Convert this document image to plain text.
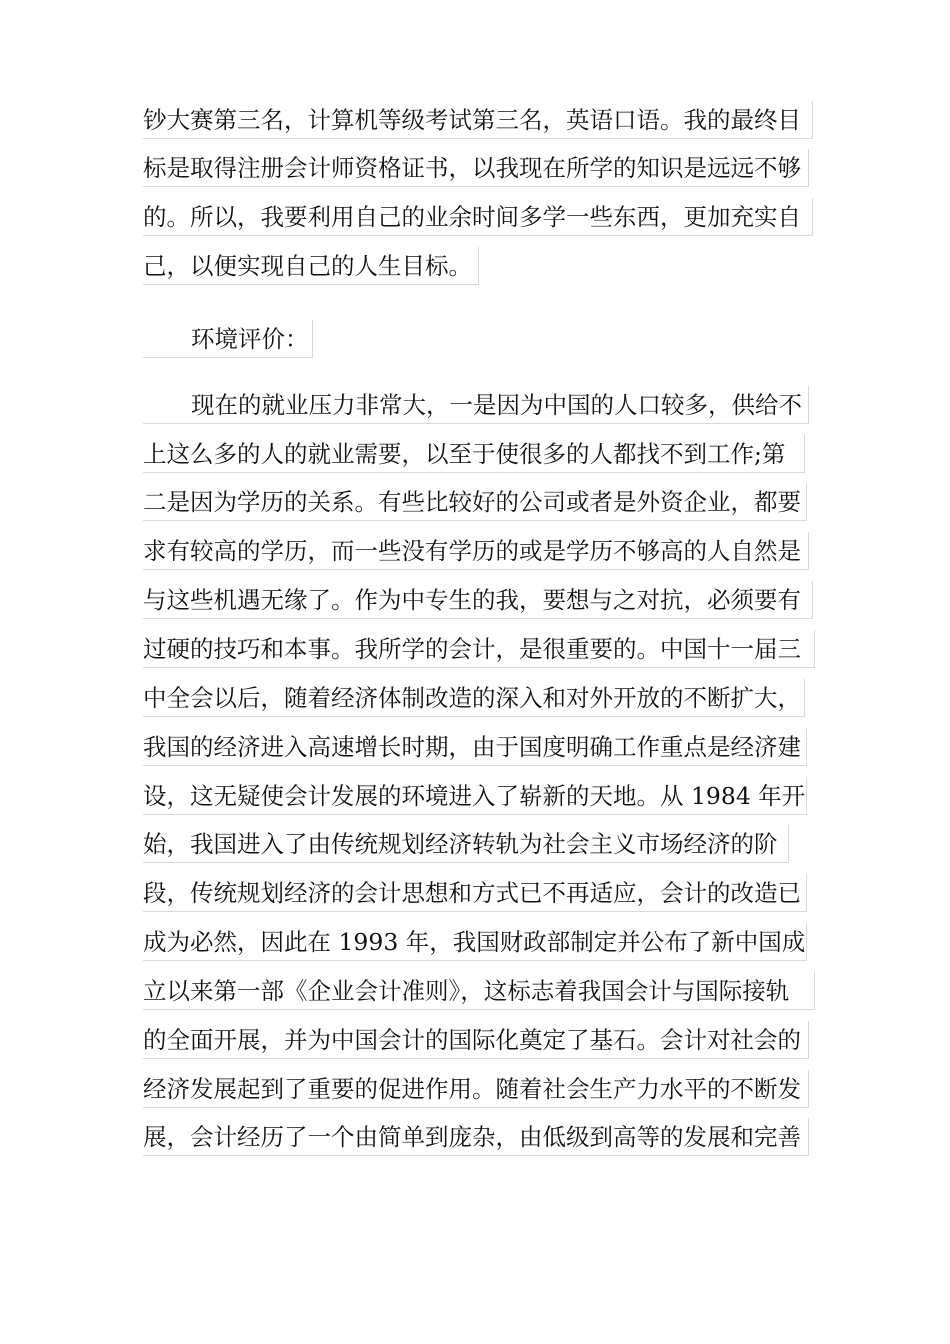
钞大赛第三名，计算机等级考试第三名，英语口语。我的最终目
标是取得注册会计师资格证书，以我现在所学的知识是远远不够
的。所以，我要利用自己的业余时间多学一些东西，更加充实自
己，以便实现自己的人生目标。
环境评价：
现在的就业压力非常大，一是因为中国的人口较多，供给不
上这么多的人的就业需要，以至于使很多的人都找不到工作;第
二是因为学历的关系。有些比较好的公司或者是外资企业，都要
求有较高的学历，而一些没有学历的或是学历不够高的人自然是
与这些机遇无缘了。作为中专生的我，要想与之对抗，必须要有
过硬的技巧和本事。我所学的会计，是很重要的。中国十一届三
中全会以后，随着经济体制改造的深入和对外开放的不断扩大，
我国的经济进入高速增长时期，由于国度明确工作重点是经济建
设，这无疑使会计发展的环境进入了崭新的天地。从 1984 年开
始，我国进入了由传统规划经济转轨为社会主义市场经济的阶
段，传统规划经济的会计思想和方式已不再适应，会计的改造已
成为必然，因此在 1993 年，我国财政部制定并公布了新中国成
立以来第一部《企业会计准则》，这标志着我国会计与国际接轨
的全面开展，并为中国会计的国际化奠定了基石。会计对社会的
经济发展起到了重要的促进作用。随着社会生产力水平的不断发
展，会计经历了一个由简单到庞杂，由低级到高等的发展和完善
